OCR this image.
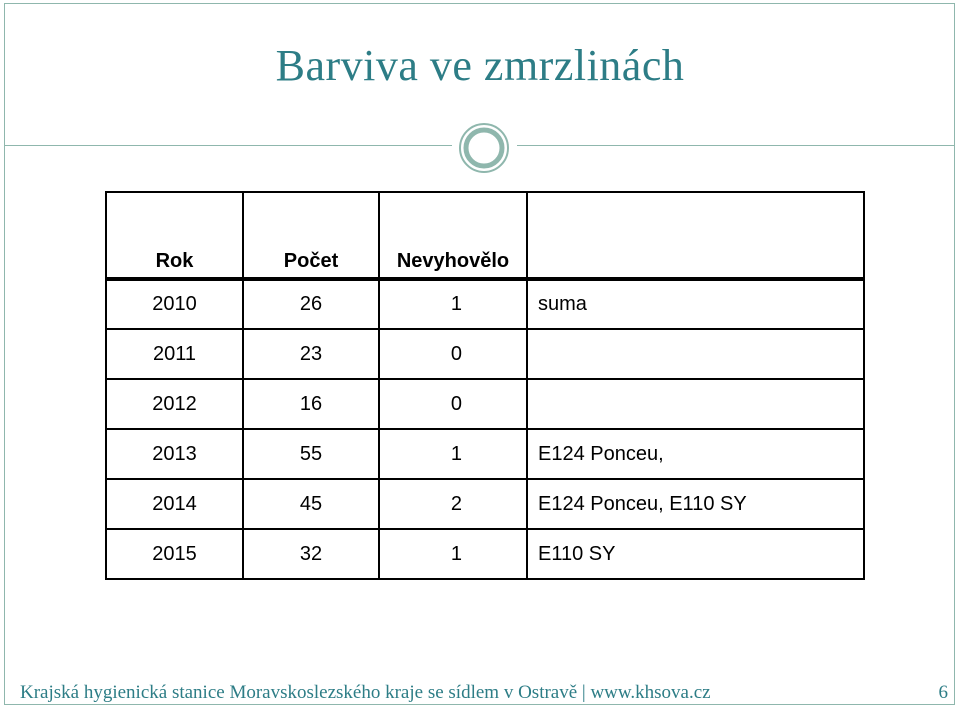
Barviva ve zmrzlinách
Rok	Počet	Nevyhovělo	
2010	26	1	suma
2011	23	0	
2012	16	0	
2013	55	1	E124 Ponceu,
2014	45	2	E124 Ponceu, E110 SY
2015	32	1	E110 SY
Krajská hygienická stanice Moravskoslezského kraje se sídlem v Ostravě | www.khsova.cz	6
